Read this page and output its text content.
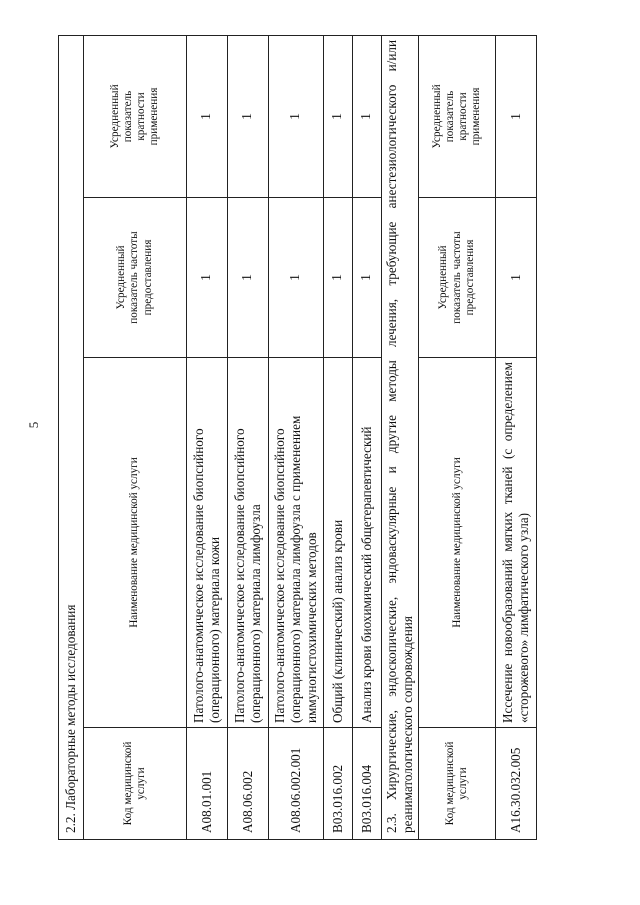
5
2.2. Лабораторные методы исследования			

Код медицинской услуги	Наименование медицинской услуги	Усредненный показатель частоты предоставления	Усредненный показатель кратности применения

A08.01.001	Патолого-анатомическое исследование биопсийного (операционного) материала кожи	1	1
A08.06.002	Патолого-анатомическое исследование биопсийного (операционного) материала лимфоузла	1	1
A08.06.002.001	Патолого-анатомическое исследование биопсийного (операционного) материала лимфоузла с применением иммуногистохимических методов	1	1
B03.016.002	Общий (клинический) анализ крови	1	1
B03.016.004	Анализ крови биохимический общетерапевтический	1	1
2.3. Хирургические, эндоскопические, эндоваскулярные и другие методы лечения, требующие анестезиологического и/или реаниматологического сопровождения			

Код медицинской услуги	Наименование медицинской услуги	Усредненный показатель частоты предоставления	Усредненный показатель кратности применения

A16.30.032.005	Иссечение новообразований мягких тканей (с определением «сторожевого» лимфатического узла)	1	1
